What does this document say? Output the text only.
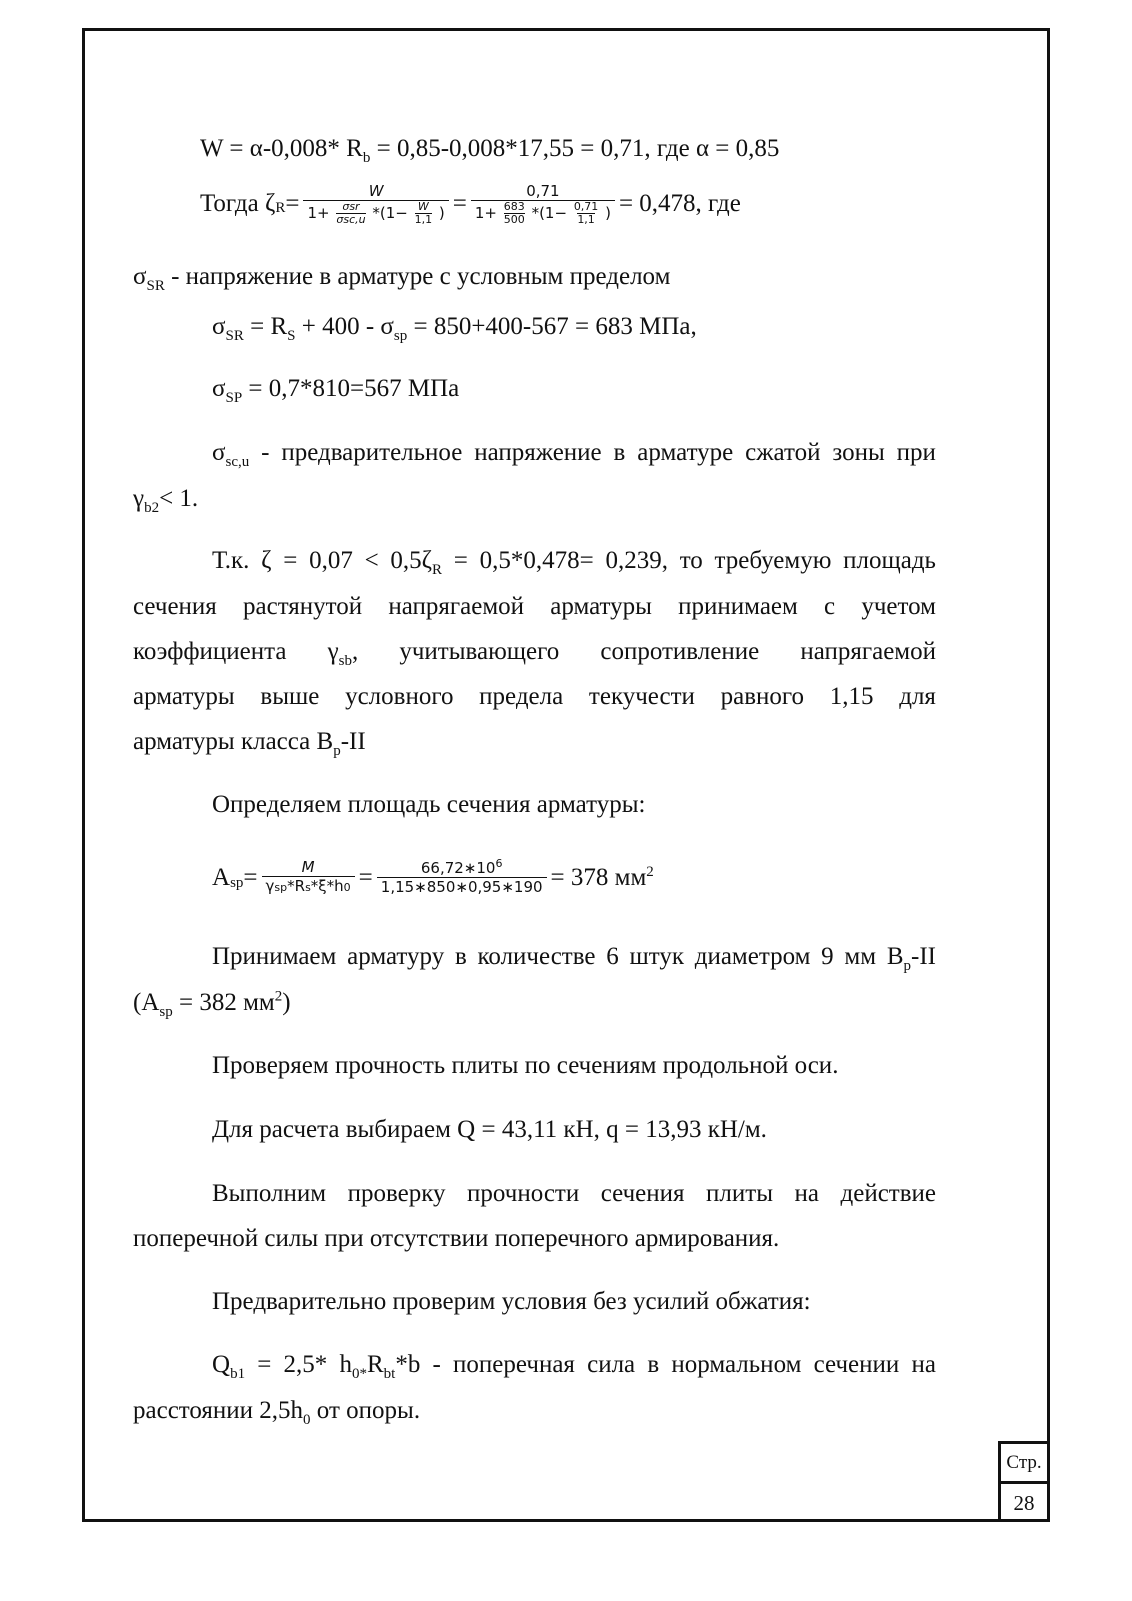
W = α-0,008* $R_b = 0,85-0,008*17,55 = 0,71$, где α = 0,85
Тогда ζ R = W
1+ σsr
σsc,u $*(1- \frac{W}{1,1}$ ) = $\frac{0,71}{1+ \frac{683}{500} *(1- \frac{0,71}{1,1} )} = 0,478$, где
$\sigma_{SR}$ - напряжение в арматуре с условным пределом
$\sigma_{SR} = R_S + 400 - \sigma_{sp} = 850+400-567 = 683$ МПа,
$\sigma_{SP} = 0,7*810=567$ МПа
$\sigma_{sc,u}$ - предварительное напряжение в арматуре сжатой зоны при
$\gamma_{b2}< 1$.
Т.к. $\zeta = 0,07 < 0,5\zeta_R = 0,5*0,478= 0,239$, то требуемую площадь
сечения растянутой напрягаемой арматуры принимаем с учетом
коэффициента $\gamma_{sb}$, учитывающего сопротивление напрягаемой
арматуры выше условного предела текучести равного 1,15 для
арматуры класса $В_р-II$
Определяем площадь сечения арматуры:
A sp = $\frac{M}{\text{γsp*Rs*ξ*h0}} = \frac{66,72∗10^6}{1,15∗850∗0,95∗190} = 378$ мм 2
Принимаем арматуру в количестве 6 штук диаметром 9 мм $В_р-II$
($A_{sp} = 382$ $мм^2$)
Проверяем прочность плиты по сечениям продольной оси.
Для расчета выбираем Q = 43,11 кН, q = 13,93 кН/м.
Выполним проверку прочности сечения плиты на действие
поперечной силы при отсутствии поперечного армирования.
Предварительно проверим условия без усилий обжатия:
$Q_{b1} = 2,5*$ $h_{0*}R_{bt}*b$ - поперечная сила в нормальном сечении на
расстоянии $2,5h_0$ от опоры.
Стр.
28
